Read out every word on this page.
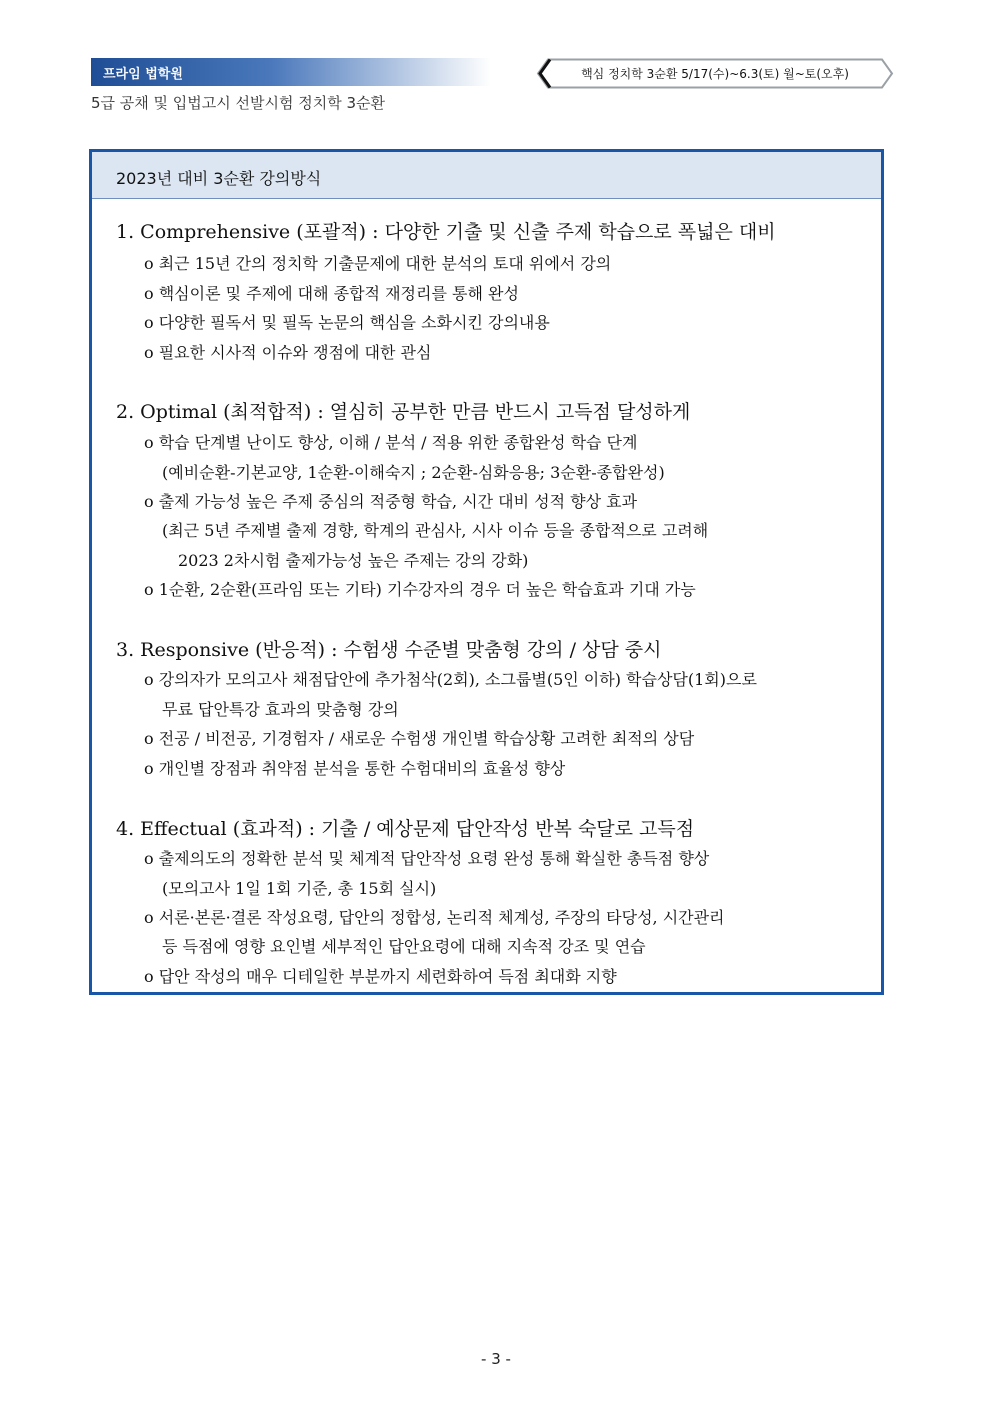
프라임 법학원
5급 공채 및 입법고시 선발시험 정치학 3순환
핵심 정치학 3순환 5/17(수)~6.3(토) 월~토(오후)
2023년 대비 3순환 강의방식
1. Comprehensive (포괄적) : 다양한 기출 및 신출 주제 학습으로 폭넓은 대비
o 최근 15년 간의 정치학 기출문제에 대한 분석의 토대 위에서 강의
o 핵심이론 및 주제에 대해 종합적 재정리를 통해 완성
o 다양한 필독서 및 필독 논문의 핵심을 소화시킨 강의내용
o 필요한 시사적 이슈와 쟁점에 대한 관심
2. Optimal (최적합적) : 열심히 공부한 만큼 반드시 고득점 달성하게
o 학습 단계별 난이도 향상, 이해 / 분석 / 적용 위한 종합완성 학습 단계
(예비순환-기본교양, 1순환-이해숙지 ; 2순환-심화응용; 3순환-종합완성)
o 출제 가능성 높은 주제 중심의 적중형 학습, 시간 대비 성적 향상 효과
(최근 5년 주제별 출제 경향, 학계의 관심사, 시사 이슈 등을 종합적으로 고려해
2023 2차시험 출제가능성 높은 주제는 강의 강화)
o 1순환, 2순환(프라임 또는 기타) 기수강자의 경우 더 높은 학습효과 기대 가능
3. Responsive (반응적) : 수험생 수준별 맞춤형 강의 / 상담 중시
o 강의자가 모의고사 채점답안에 추가첨삭(2회), 소그룹별(5인 이하) 학습상담(1회)으로
무료 답안특강 효과의 맞춤형 강의
o 전공 / 비전공, 기경험자 / 새로운 수험생 개인별 학습상황 고려한 최적의 상담
o 개인별 장점과 취약점 분석을 통한 수험대비의 효율성 향상
4. Effectual (효과적) : 기출 / 예상문제 답안작성 반복 숙달로 고득점
o 출제의도의 정확한 분석 및 체계적 답안작성 요령 완성 통해 확실한 총득점 향상
(모의고사 1일 1회 기준, 총 15회 실시)
o 서론·본론·결론 작성요령, 답안의 정합성, 논리적 체계성, 주장의 타당성, 시간관리
등 득점에 영향 요인별 세부적인 답안요령에 대해 지속적 강조 및 연습
o 답안 작성의 매우 디테일한 부분까지 세련화하여 득점 최대화 지향
- 3 -
